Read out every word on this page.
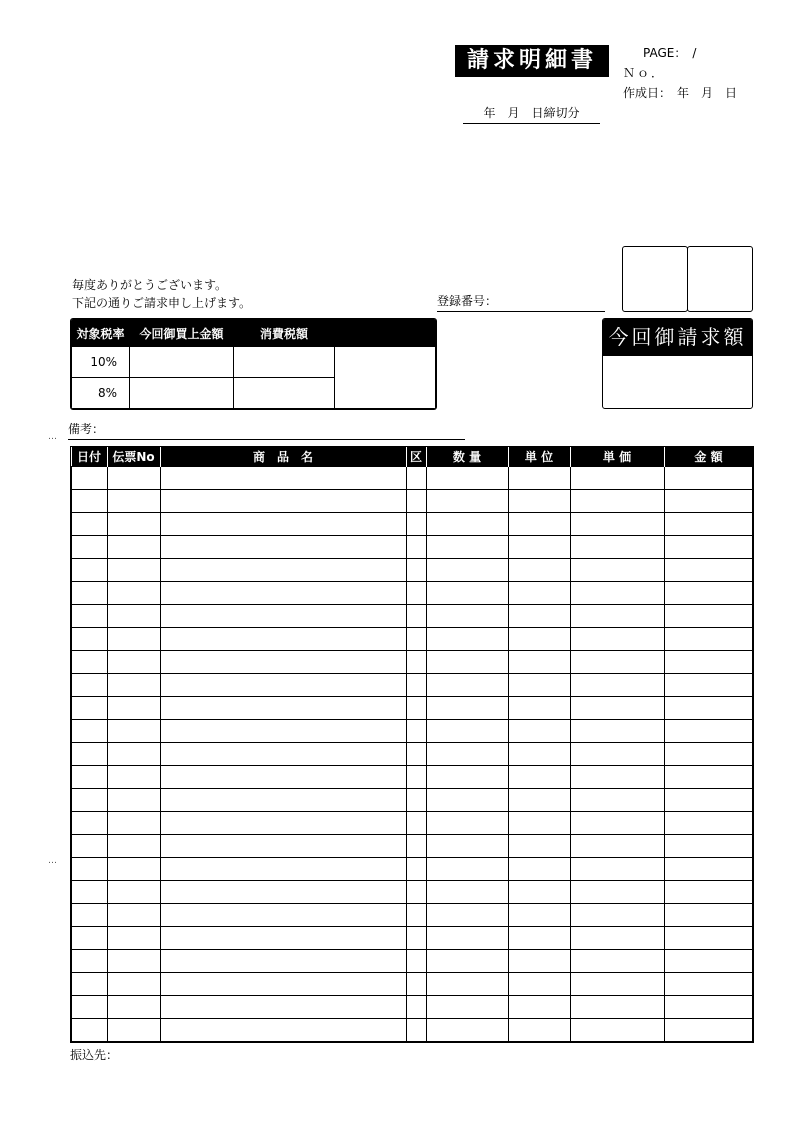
請求明細書	PAGE：　/
Ｎｏ．
作成日：　年　月　日
年　月　日締切分
毎度ありがとうございます。
下記の通りご請求申し上げます。	登録番号：
対象税率	今回御買上金額	消費税額	
10%			
8%			
今回御請求額
…
備考：
日付	伝票No	商　品　名	区	数 量	単 位	単 価	金 額

…
振込先：
